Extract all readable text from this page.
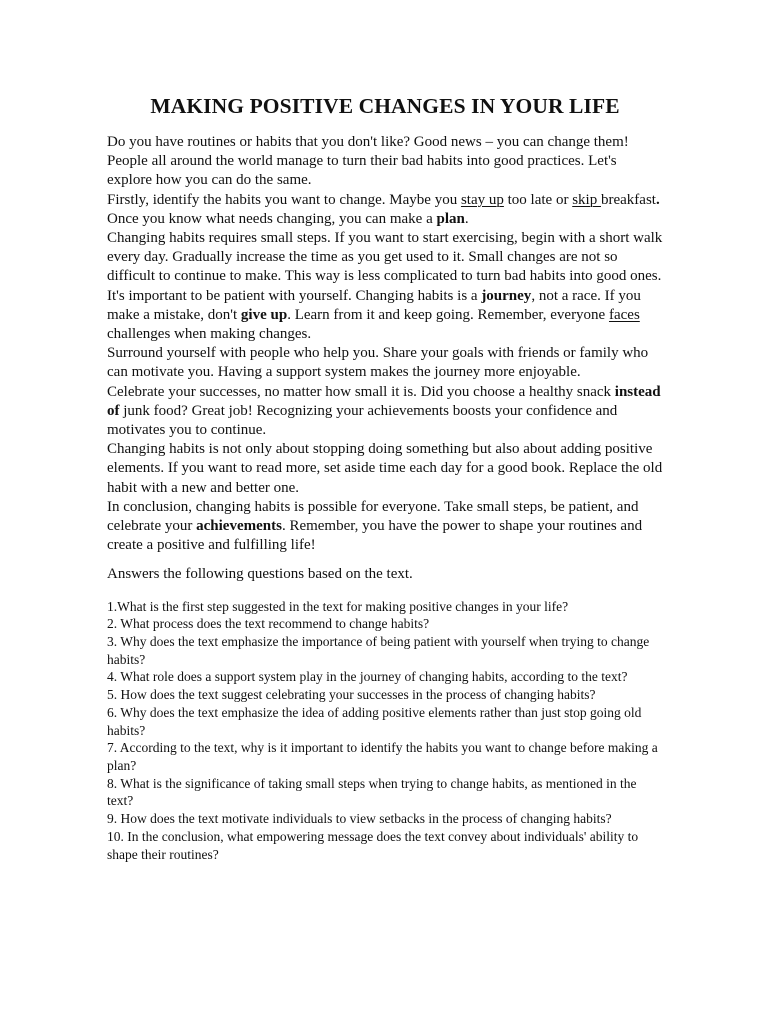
MAKING POSITIVE CHANGES IN YOUR LIFE

Do you have routines or habits that you don't like? Good news – you can change them! People all around the world manage to turn their bad habits into good practices. Let's explore how you can do the same.

Firstly, identify the habits you want to change. Maybe you stay up too late or skip breakfast. Once you know what needs changing, you can make a plan.

Changing habits requires small steps. If you want to start exercising, begin with a short walk every day. Gradually increase the time as you get used to it. Small changes are not so difficult to continue to make. This way is less complicated to turn bad habits into good ones.

It's important to be patient with yourself. Changing habits is a journey, not a race. If you make a mistake, don't give up. Learn from it and keep going. Remember, everyone faces challenges when making changes.

Surround yourself with people who help you. Share your goals with friends or family who can motivate you. Having a support system makes the journey more enjoyable.

Celebrate your successes, no matter how small it is. Did you choose a healthy snack instead of junk food? Great job! Recognizing your achievements boosts your confidence and motivates you to continue.

Changing habits is not only about stopping doing something but also about adding positive elements. If you want to read more, set aside time each day for a good book. Replace the old habit with a new and better one.

In conclusion, changing habits is possible for everyone. Take small steps, be patient, and celebrate your achievements. Remember, you have the power to shape your routines and create a positive and fulfilling life!

Answers the following questions based on the text.

1.What is the first step suggested in the text for making positive changes in your life?
2. What process does the text recommend to change habits?
3. Why does the text emphasize the importance of being patient with yourself when trying to change habits?
4. What role does a support system play in the journey of changing habits, according to the text?
5. How does the text suggest celebrating your successes in the process of changing habits?
6. Why does the text emphasize the idea of adding positive elements rather than just stop going old habits?
7. According to the text, why is it important to identify the habits you want to change before making a plan?
8. What is the significance of taking small steps when trying to change habits, as mentioned in the text?
9. How does the text motivate individuals to view setbacks in the process of changing habits?
10. In the conclusion, what empowering message does the text convey about individuals' ability to shape their routines?
